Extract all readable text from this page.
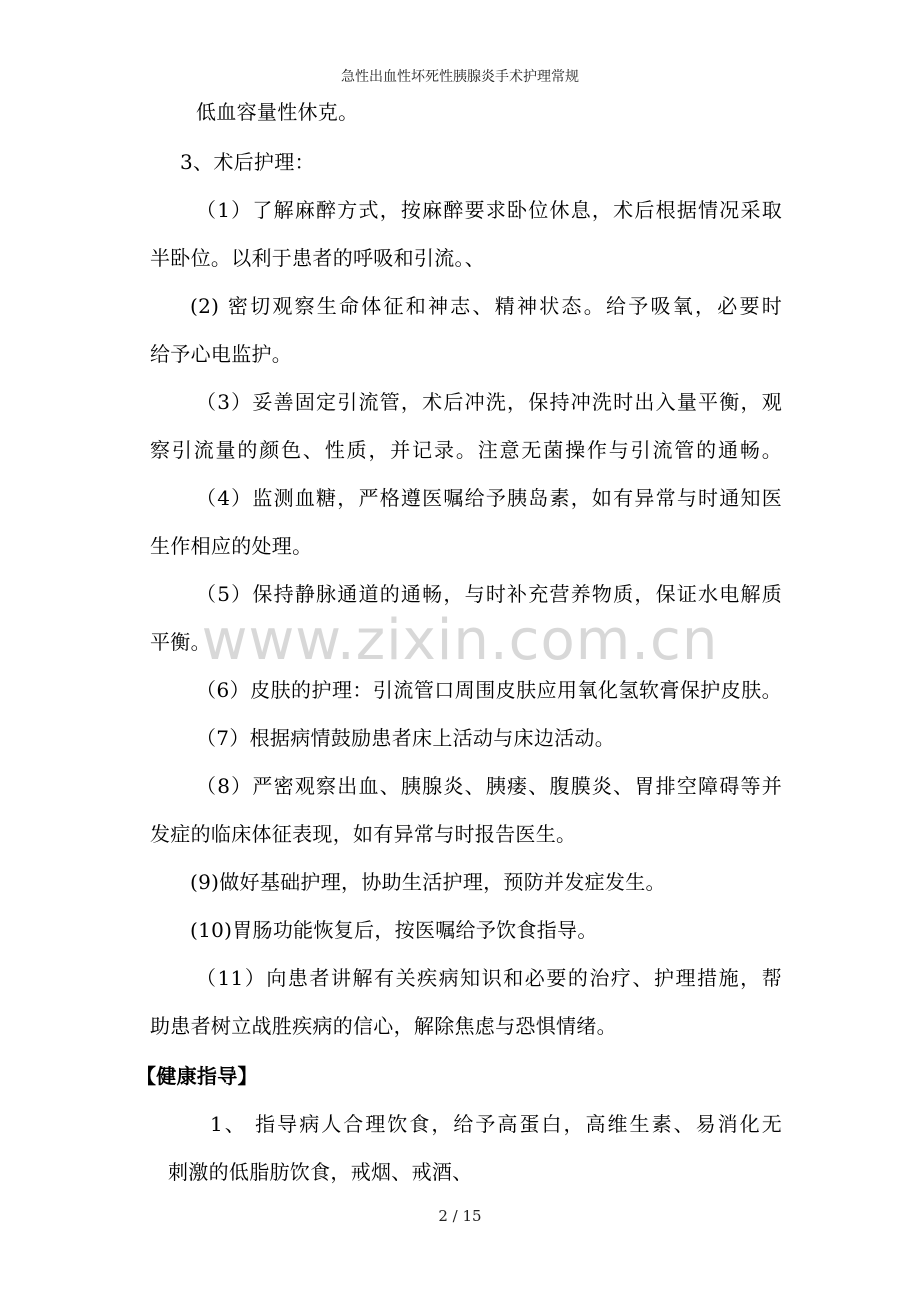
急性出血性坏死性胰腺炎手术护理常规
www.zixin.com.cn
低血容量性休克。
3、术后护理：
（1）了解麻醉方式，按麻醉要求卧位休息，术后根据情况采取
半卧位。以利于患者的呼吸和引流。、
(2) 密切观察生命体征和神志、精神状态。给予吸氧，必要时
给予心电监护。
（3）妥善固定引流管，术后冲洗，保持冲洗时出入量平衡，观
察引流量的颜色、性质，并记录。注意无菌操作与引流管的通畅。
（4）监测血糖，严格遵医嘱给予胰岛素，如有异常与时通知医
生作相应的处理。
（5）保持静脉通道的通畅，与时补充营养物质，保证水电解质
平衡。
（6）皮肤的护理：引流管口周围皮肤应用氧化氢软膏保护皮肤。
（7）根据病情鼓励患者床上活动与床边活动。
（8）严密观察出血、胰腺炎、胰瘘、腹膜炎、胃排空障碍等并
发症的临床体征表现，如有异常与时报告医生。
(9)做好基础护理，协助生活护理，预防并发症发生。
(10)胃肠功能恢复后，按医嘱给予饮食指导。
（11）向患者讲解有关疾病知识和必要的治疗、护理措施，帮
助患者树立战胜疾病的信心，解除焦虑与恐惧情绪。
【健康指导】
1、 指导病人合理饮食，给予高蛋白，高维生素、易消化无
刺激的低脂肪饮食，戒烟、戒酒、
2 / 15
